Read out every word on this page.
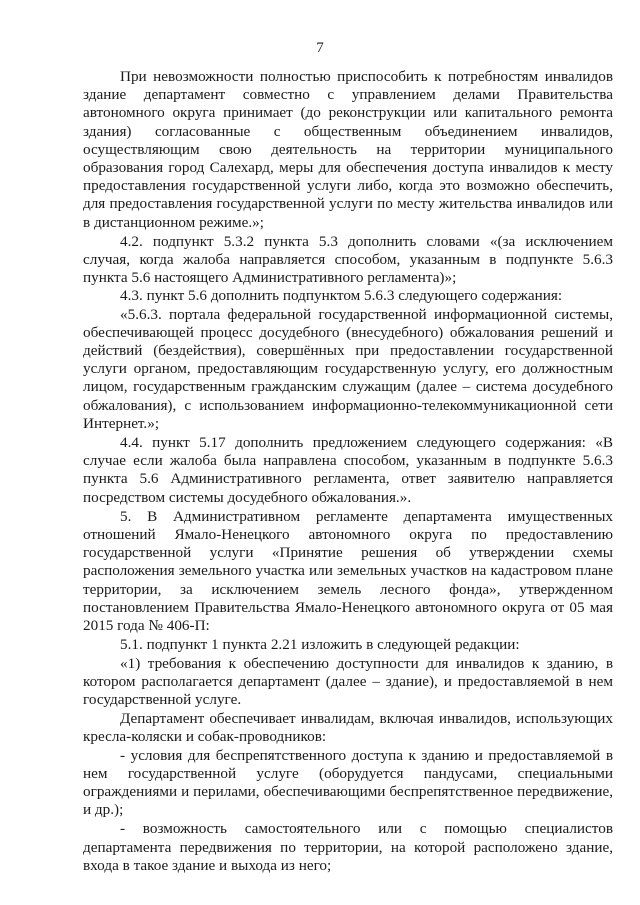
7

При невозможности полностью приспособить к потребностям инвалидов здание департамент совместно с управлением делами Правительства автономного округа принимает (до реконструкции или капитального ремонта здания) согласованные с общественным объединением инвалидов, осуществляющим свою деятельность на территории муниципального образования город Салехард, меры для обеспечения доступа инвалидов к месту предоставления государственной услуги либо, когда это возможно обеспечить, для предоставления государственной услуги по месту жительства инвалидов или в дистанционном режиме.»;

4.2. подпункт 5.3.2 пункта 5.3 дополнить словами «(за исключением случая, когда жалоба направляется способом, указанным в подпункте 5.6.3 пункта 5.6 настоящего Административного регламента)»;

4.3. пункт 5.6 дополнить подпунктом 5.6.3 следующего содержания:

«5.6.3. портала федеральной государственной информационной системы, обеспечивающей процесс досудебного (внесудебного) обжалования решений и действий (бездействия), совершённых при предоставлении государственной услуги органом, предоставляющим государственную услугу, его должностным лицом, государственным гражданским служащим (далее – система досудебного обжалования), с использованием информационно-телекоммуникационной сети Интернет.»;

4.4. пункт 5.17 дополнить предложением следующего содержания: «В случае если жалоба была направлена способом, указанным в подпункте 5.6.3 пункта 5.6 Административного регламента, ответ заявителю направляется посредством системы досудебного обжалования.».

5. В Административном регламенте департамента имущественных отношений Ямало-Ненецкого автономного округа по предоставлению государственной услуги «Принятие решения об утверждении схемы расположения земельного участка или земельных участков на кадастровом плане территории, за исключением земель лесного фонда», утвержденном постановлением Правительства Ямало-Ненецкого автономного округа от 05 мая 2015 года № 406-П:

5.1. подпункт 1 пункта 2.21 изложить в следующей редакции:

«1) требования к обеспечению доступности для инвалидов к зданию, в котором располагается департамент (далее – здание), и предоставляемой в нем государственной услуге.

Департамент обеспечивает инвалидам, включая инвалидов, использующих кресла-коляски и собак-проводников:

- условия для беспрепятственного доступа к зданию и предоставляемой в нем государственной услуге (оборудуется пандусами, специальными ограждениями и перилами, обеспечивающими беспрепятственное передвижение, и др.);

- возможность самостоятельного или с помощью специалистов департамента передвижения по территории, на которой расположено здание, входа в такое здание и выхода из него;
